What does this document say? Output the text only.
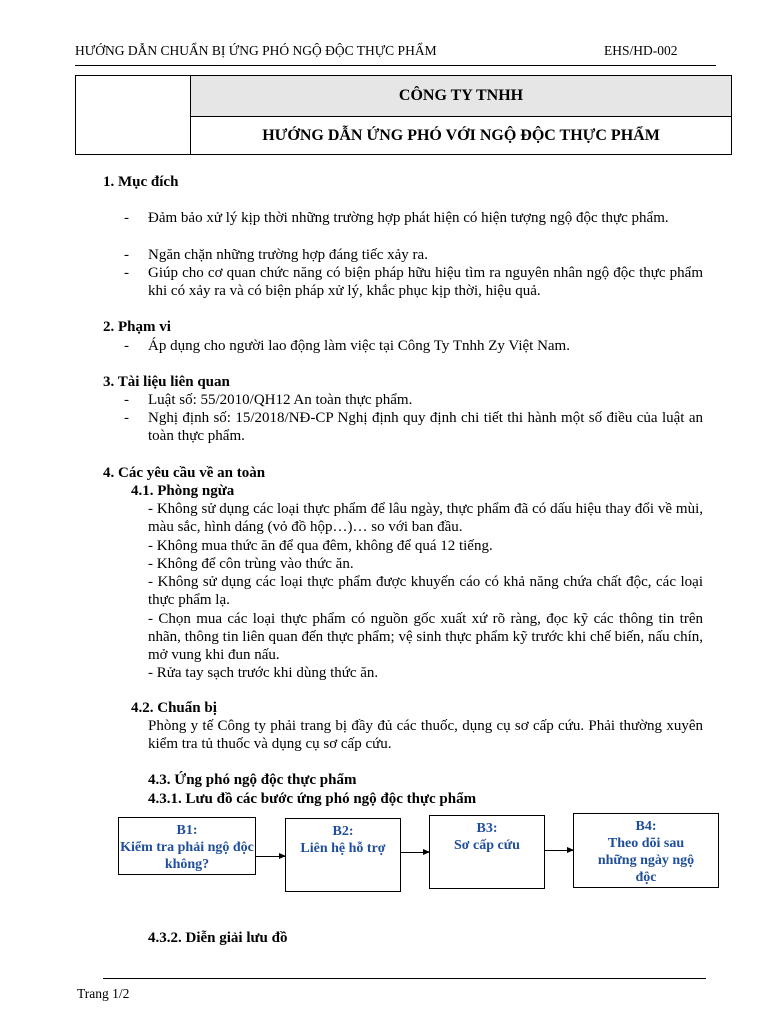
HƯỚNG DẪN CHUẨN BỊ ỨNG PHÓ NGỘ ĐỘC THỰC PHẨM	EHS/HD-002
CÔNG TY TNHH
HƯỚNG DẪN ỨNG PHÓ VỚI NGỘ ĐỘC THỰC PHẨM
1. Mục đích
- Đảm bảo xử lý kịp thời những trường hợp phát hiện có hiện tượng ngộ độc thực phẩm.
- Ngăn chặn những trường hợp đáng tiếc xảy ra.
- Giúp cho cơ quan chức năng có biện pháp hữu hiệu tìm ra nguyên nhân ngộ độc thực phẩm khi có xảy ra và có biện pháp xử lý, khắc phục kịp thời, hiệu quả.
2. Phạm vi
- Áp dụng cho người lao động làm việc tại Công Ty Tnhh Zy Việt Nam.
3. Tài liệu liên quan
- Luật số: 55/2010/QH12 An toàn thực phẩm.
- Nghị định số: 15/2018/NĐ-CP Nghị định quy định chi tiết thi hành một số điều của luật an toàn thực phẩm.
4. Các yêu cầu về an toàn
4.1. Phòng ngừa
- Không sử dụng các loại thực phẩm để lâu ngày, thực phẩm đã có dấu hiệu thay đổi về mùi, màu sắc, hình dáng (vỏ đồ hộp…)… so với ban đầu.
- Không mua thức ăn để qua đêm, không để quá 12 tiếng.
- Không để côn trùng vào thức ăn.
- Không sử dụng các loại thực phẩm được khuyến cáo có khả năng chứa chất độc, các loại thực phẩm lạ.
- Chọn mua các loại thực phẩm có nguồn gốc xuất xứ rõ ràng, đọc kỹ các thông tin trên nhãn, thông tin liên quan đến thực phẩm; vệ sinh thực phẩm kỹ trước khi chế biến, nấu chín, mở vung khi đun nấu.
- Rửa tay sạch trước khi dùng thức ăn.
4.2. Chuẩn bị
Phòng y tế Công ty phải trang bị đầy đủ các thuốc, dụng cụ sơ cấp cứu. Phải thường xuyên kiểm tra tủ thuốc và dụng cụ sơ cấp cứu.
4.3. Ứng phó ngộ độc thực phẩm
4.3.1. Lưu đồ các bước ứng phó ngộ độc thực phẩm
B1:
Kiểm tra phải ngộ độc không?
B2:
Liên hệ hỗ trợ
B3:
Sơ cấp cứu
B4:
Theo dõi sau những ngày ngộ độc
4.3.2. Diễn giải lưu đồ
Trang 1/2
